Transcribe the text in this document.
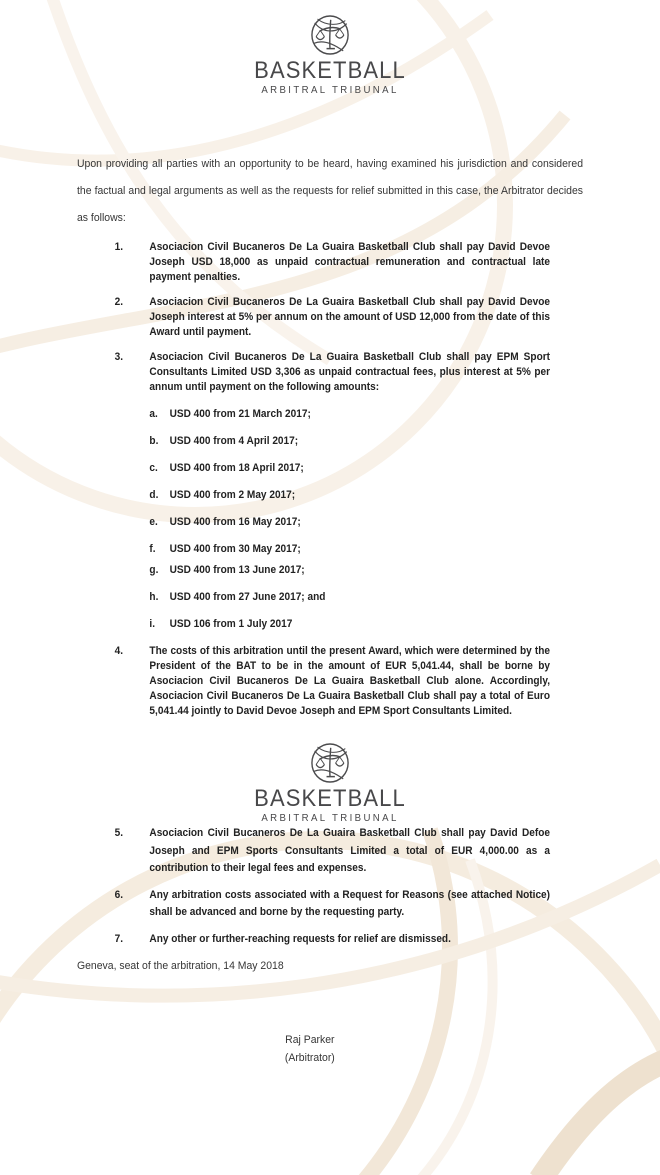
BASKETBALL
ARBITRAL TRIBUNAL

Upon providing all parties with an opportunity to be heard, having examined his jurisdiction and considered the factual and legal arguments as well as the requests for relief submitted in this case, the Arbitrator decides as follows:

1.	Asociacion Civil Bucaneros De La Guaira Basketball Club shall pay David Devoe Joseph USD 18,000 as unpaid contractual remuneration and contractual late payment penalties.
2.	Asociacion Civil Bucaneros De La Guaira Basketball Club shall pay David Devoe Joseph interest at 5% per annum on the amount of USD 12,000 from the date of this Award until payment.
3.	Asociacion Civil Bucaneros De La Guaira Basketball Club shall pay EPM Sport Consultants Limited USD 3,306 as unpaid contractual fees, plus interest at 5% per annum until payment on the following amounts:
a.	USD 400 from 21 March 2017;
b.	USD 400 from 4 April 2017;
c.	USD 400 from 18 April 2017;
d.	USD 400 from 2 May 2017;
e.	USD 400 from 16 May 2017;
f.	USD 400 from 30 May 2017;
g.	USD 400 from 13 June 2017;
h.	USD 400 from 27 June 2017; and
i.	USD 106 from 1 July 2017
4.	The costs of this arbitration until the present Award, which were determined by the President of the BAT to be in the amount of EUR 5,041.44, shall be borne by Asociacion Civil Bucaneros De La Guaira Basketball Club alone. Accordingly, Asociacion Civil Bucaneros De La Guaira Basketball Club shall pay a total of Euro 5,041.44 jointly to David Devoe Joseph and EPM Sport Consultants Limited.
BASKETBALL
ARBITRAL TRIBUNAL
5.	Asociacion Civil Bucaneros De La Guaira Basketball Club shall pay David Defoe Joseph and EPM Sports Consultants Limited a total of EUR 4,000.00 as a contribution to their legal fees and expenses.
6.	Any arbitration costs associated with a Request for Reasons (see attached Notice) shall be advanced and borne by the requesting party.
7.	Any other or further-reaching requests for relief are dismissed.

Geneva, seat of the arbitration, 14 May 2018

Raj Parker
(Arbitrator)
